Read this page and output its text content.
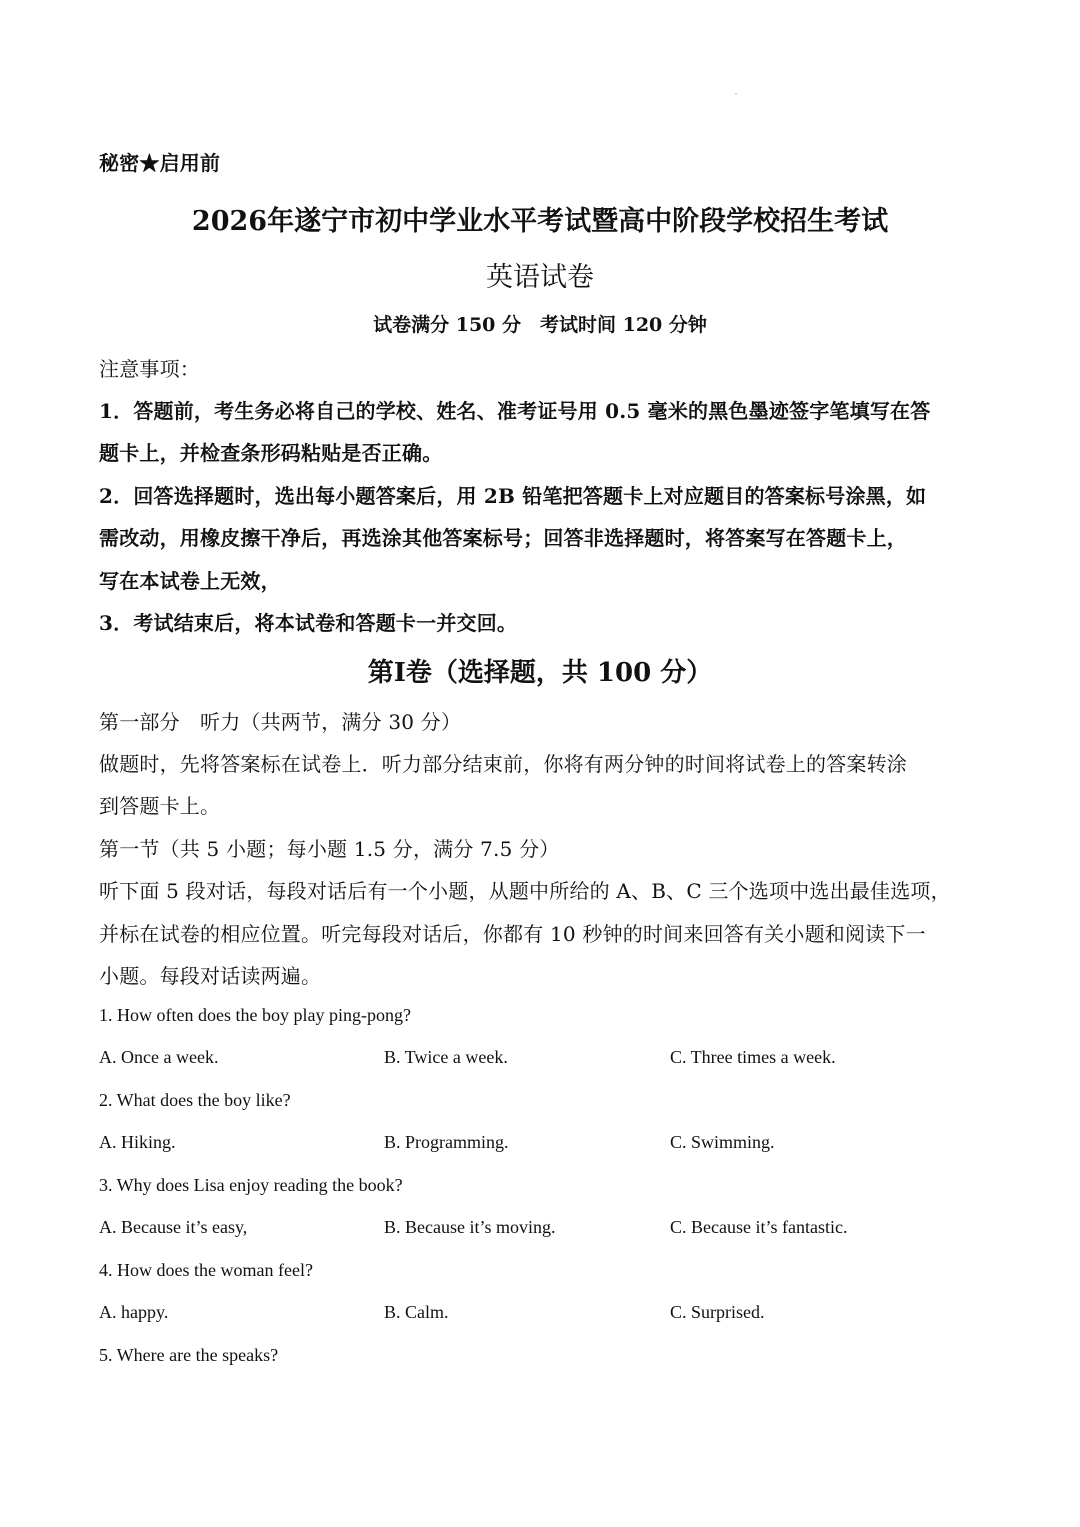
秘密★启用前
2026年遂宁市初中学业水平考试暨高中阶段学校招生考试
英语试卷
试卷满分 150 分　考试时间 120 分钟
注意事项：
1．答题前，考生务必将自己的学校、姓名、准考证号用 0.5 毫米的黑色墨迹签字笔填写在答
题卡上，并检查条形码粘贴是否正确。
2．回答选择题时，选出每小题答案后，用 2B 铅笔把答题卡上对应题目的答案标号涂黑，如
需改动，用橡皮擦干净后，再选涂其他答案标号；回答非选择题时，将答案写在答题卡上，
写在本试卷上无效，
3．考试结束后，将本试卷和答题卡一并交回。
第Ⅰ卷（选择题，共 100 分）
第一部分　听力（共两节，满分 30 分）
做题时，先将答案标在试卷上．听力部分结束前，你将有两分钟的时间将试卷上的答案转涂
到答题卡上。
第一节（共 5 小题；每小题 1.5 分，满分 7.5 分）
听下面 5 段对话，每段对话后有一个小题，从题中所给的 A、B、C 三个选项中选出最佳选项，
并标在试卷的相应位置。听完每段对话后，你都有 10 秒钟的时间来回答有关小题和阅读下一
小题。每段对话读两遍。
1. How often does the boy play ping-pong?
A. Once a week.	B. Twice a week.	C. Three times a week.
2. What does the boy like?
A. Hiking.	B. Programming.	C. Swimming.
3. Why does Lisa enjoy reading the book?
A. Because it’s easy,	B. Because it’s moving.	C. Because it’s fantastic.
4. How does the woman feel?
A. happy.	B. Calm.	C. Surprised.
5. Where are the speaks?
